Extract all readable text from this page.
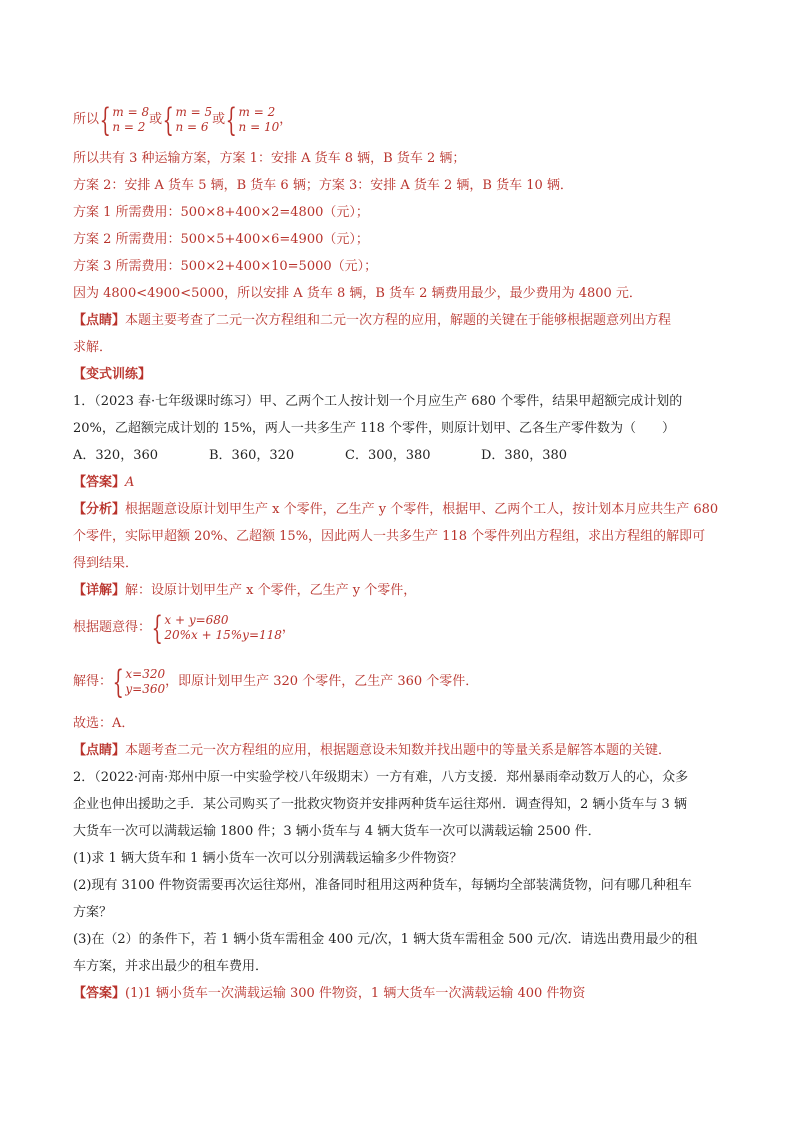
所以 { m = 8
n = 2 或 { m = 5
n = 6 或 { m = 2
n = 10 ，
所以共有 3 种运输方案，方案 1：安排 A 货车 8 辆，B 货车 2 辆；
方案 2：安排 A 货车 5 辆，B 货车 6 辆；方案 3：安排 A 货车 2 辆，B 货车 10 辆．
方案 1 所需费用：500×8+400×2=4800（元）；
方案 2 所需费用：500×5+400×6=4900（元）；
方案 3 所需费用：500×2+400×10=5000（元）；
因为 4800<4900<5000，所以安排 A 货车 8 辆，B 货车 2 辆费用最少，最少费用为 4800 元．
【点睛】本题主要考查了二元一次方程组和二元一次方程的应用，解题的关键在于能够根据题意列出方程
求解．
【变式训练】
1．（2023 春·七年级课时练习）甲、乙两个工人按计划一个月应生产 680 个零件，结果甲超额完成计划的
20%，乙超额完成计划的 15%，两人一共多生产 118 个零件，则原计划甲、乙各生产零件数为（　　）
A．320，360	B．360，320	C．300，380	D．380，380
【答案】A
【分析】根据题意设原计划甲生产 x 个零件，乙生产 y 个零件，根据甲、乙两个工人，按计划本月应共生产 680
个零件，实际甲超额 20%、乙超额 15%，因此两人一共多生产 118 个零件列出方程组，求出方程组的解即可
得到结果．
【详解】解：设原计划甲生产 x 个零件，乙生产 y 个零件，
根据题意得： { x + y=680
20%x + 15%y=118 ，
解得： { x=320
y=360 ，即原计划甲生产 320 个零件，乙生产 360 个零件．
故选：A．
【点睛】本题考查二元一次方程组的应用，根据题意设未知数并找出题中的等量关系是解答本题的关键．
2．（2022·河南·郑州中原一中实验学校八年级期末）一方有难，八方支援．郑州暴雨牵动数万人的心，众多
企业也伸出援助之手．某公司购买了一批救灾物资并安排两种货车运往郑州．调查得知，2 辆小货车与 3 辆
大货车一次可以满载运输 1800 件；3 辆小货车与 4 辆大货车一次可以满载运输 2500 件．
(1)求 1 辆大货车和 1 辆小货车一次可以分别满载运输多少件物资？
(2)现有 3100 件物资需要再次运往郑州，准备同时租用这两种货车，每辆均全部装满货物，问有哪几种租车
方案？
(3)在（2）的条件下，若 1 辆小货车需租金 400 元/次，1 辆大货车需租金 500 元/次．请选出费用最少的租
车方案，并求出最少的租车费用．
【答案】(1)1 辆小货车一次满载运输 300 件物资，1 辆大货车一次满载运输 400 件物资
